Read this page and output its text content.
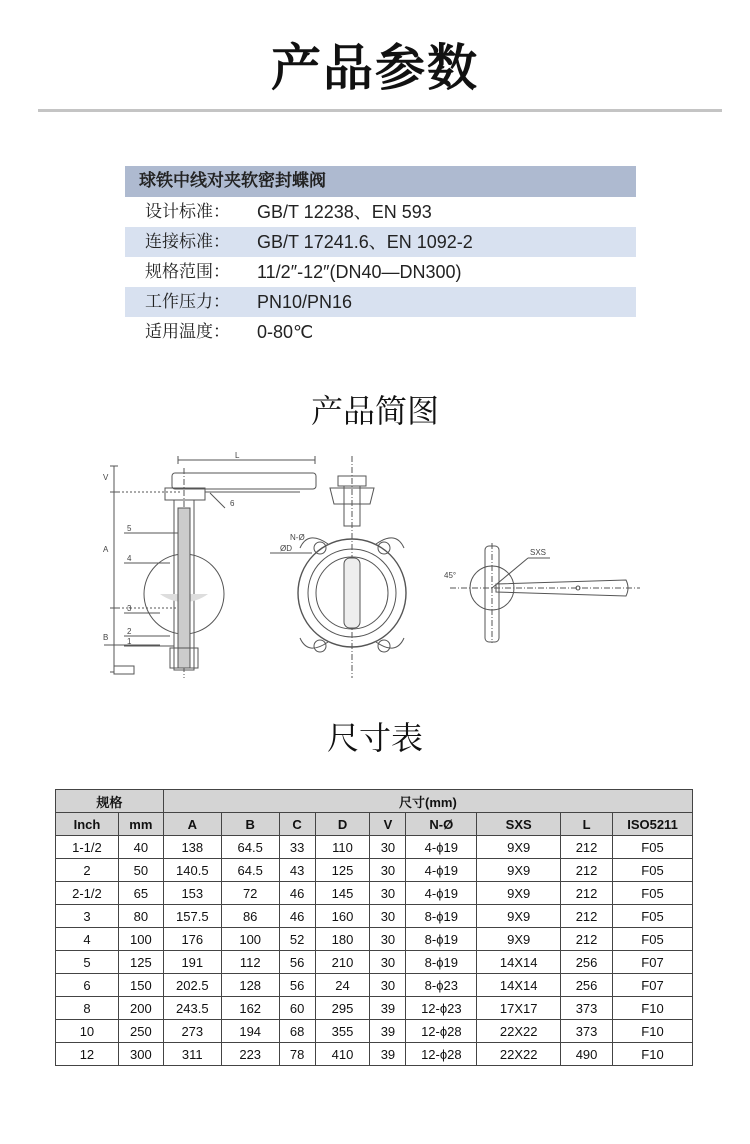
产品参数
球铁中线对夹软密封蝶阀
设计标准：	GB/T 12238、EN 593
连接标准：	GB/T 17241.6、EN 1092-2
规格范围：	11/2″-12″(DN40—DN300)
工作压力：	PN10/PN16
适用温度：	0-80℃
产品简图
L
V
A
B 1
2
3
4
5
6
N-Ø
ØD	SXS
45°
尺寸表
规格		尺寸(mm)								
Inch	mm	A	B	C	D	V	N-Ø	SXS	L	ISO5211
1-1/2	40	138	64.5	33	110	30	4-ϕ19	9X9	212	F05
2	50	140.5	64.5	43	125	30	4-ϕ19	9X9	212	F05
2-1/2	65	153	72	46	145	30	4-ϕ19	9X9	212	F05
3	80	157.5	86	46	160	30	8-ϕ19	9X9	212	F05
4	100	176	100	52	180	30	8-ϕ19	9X9	212	F05
5	125	191	112	56	210	30	8-ϕ19	14X14	256	F07
6	150	202.5	128	56	24	30	8-ϕ23	14X14	256	F07
8	200	243.5	162	60	295	39	12-ϕ23	17X17	373	F10
10	250	273	194	68	355	39	12-ϕ28	22X22	373	F10
12	300	311	223	78	410	39	12-ϕ28	22X22	490	F10
